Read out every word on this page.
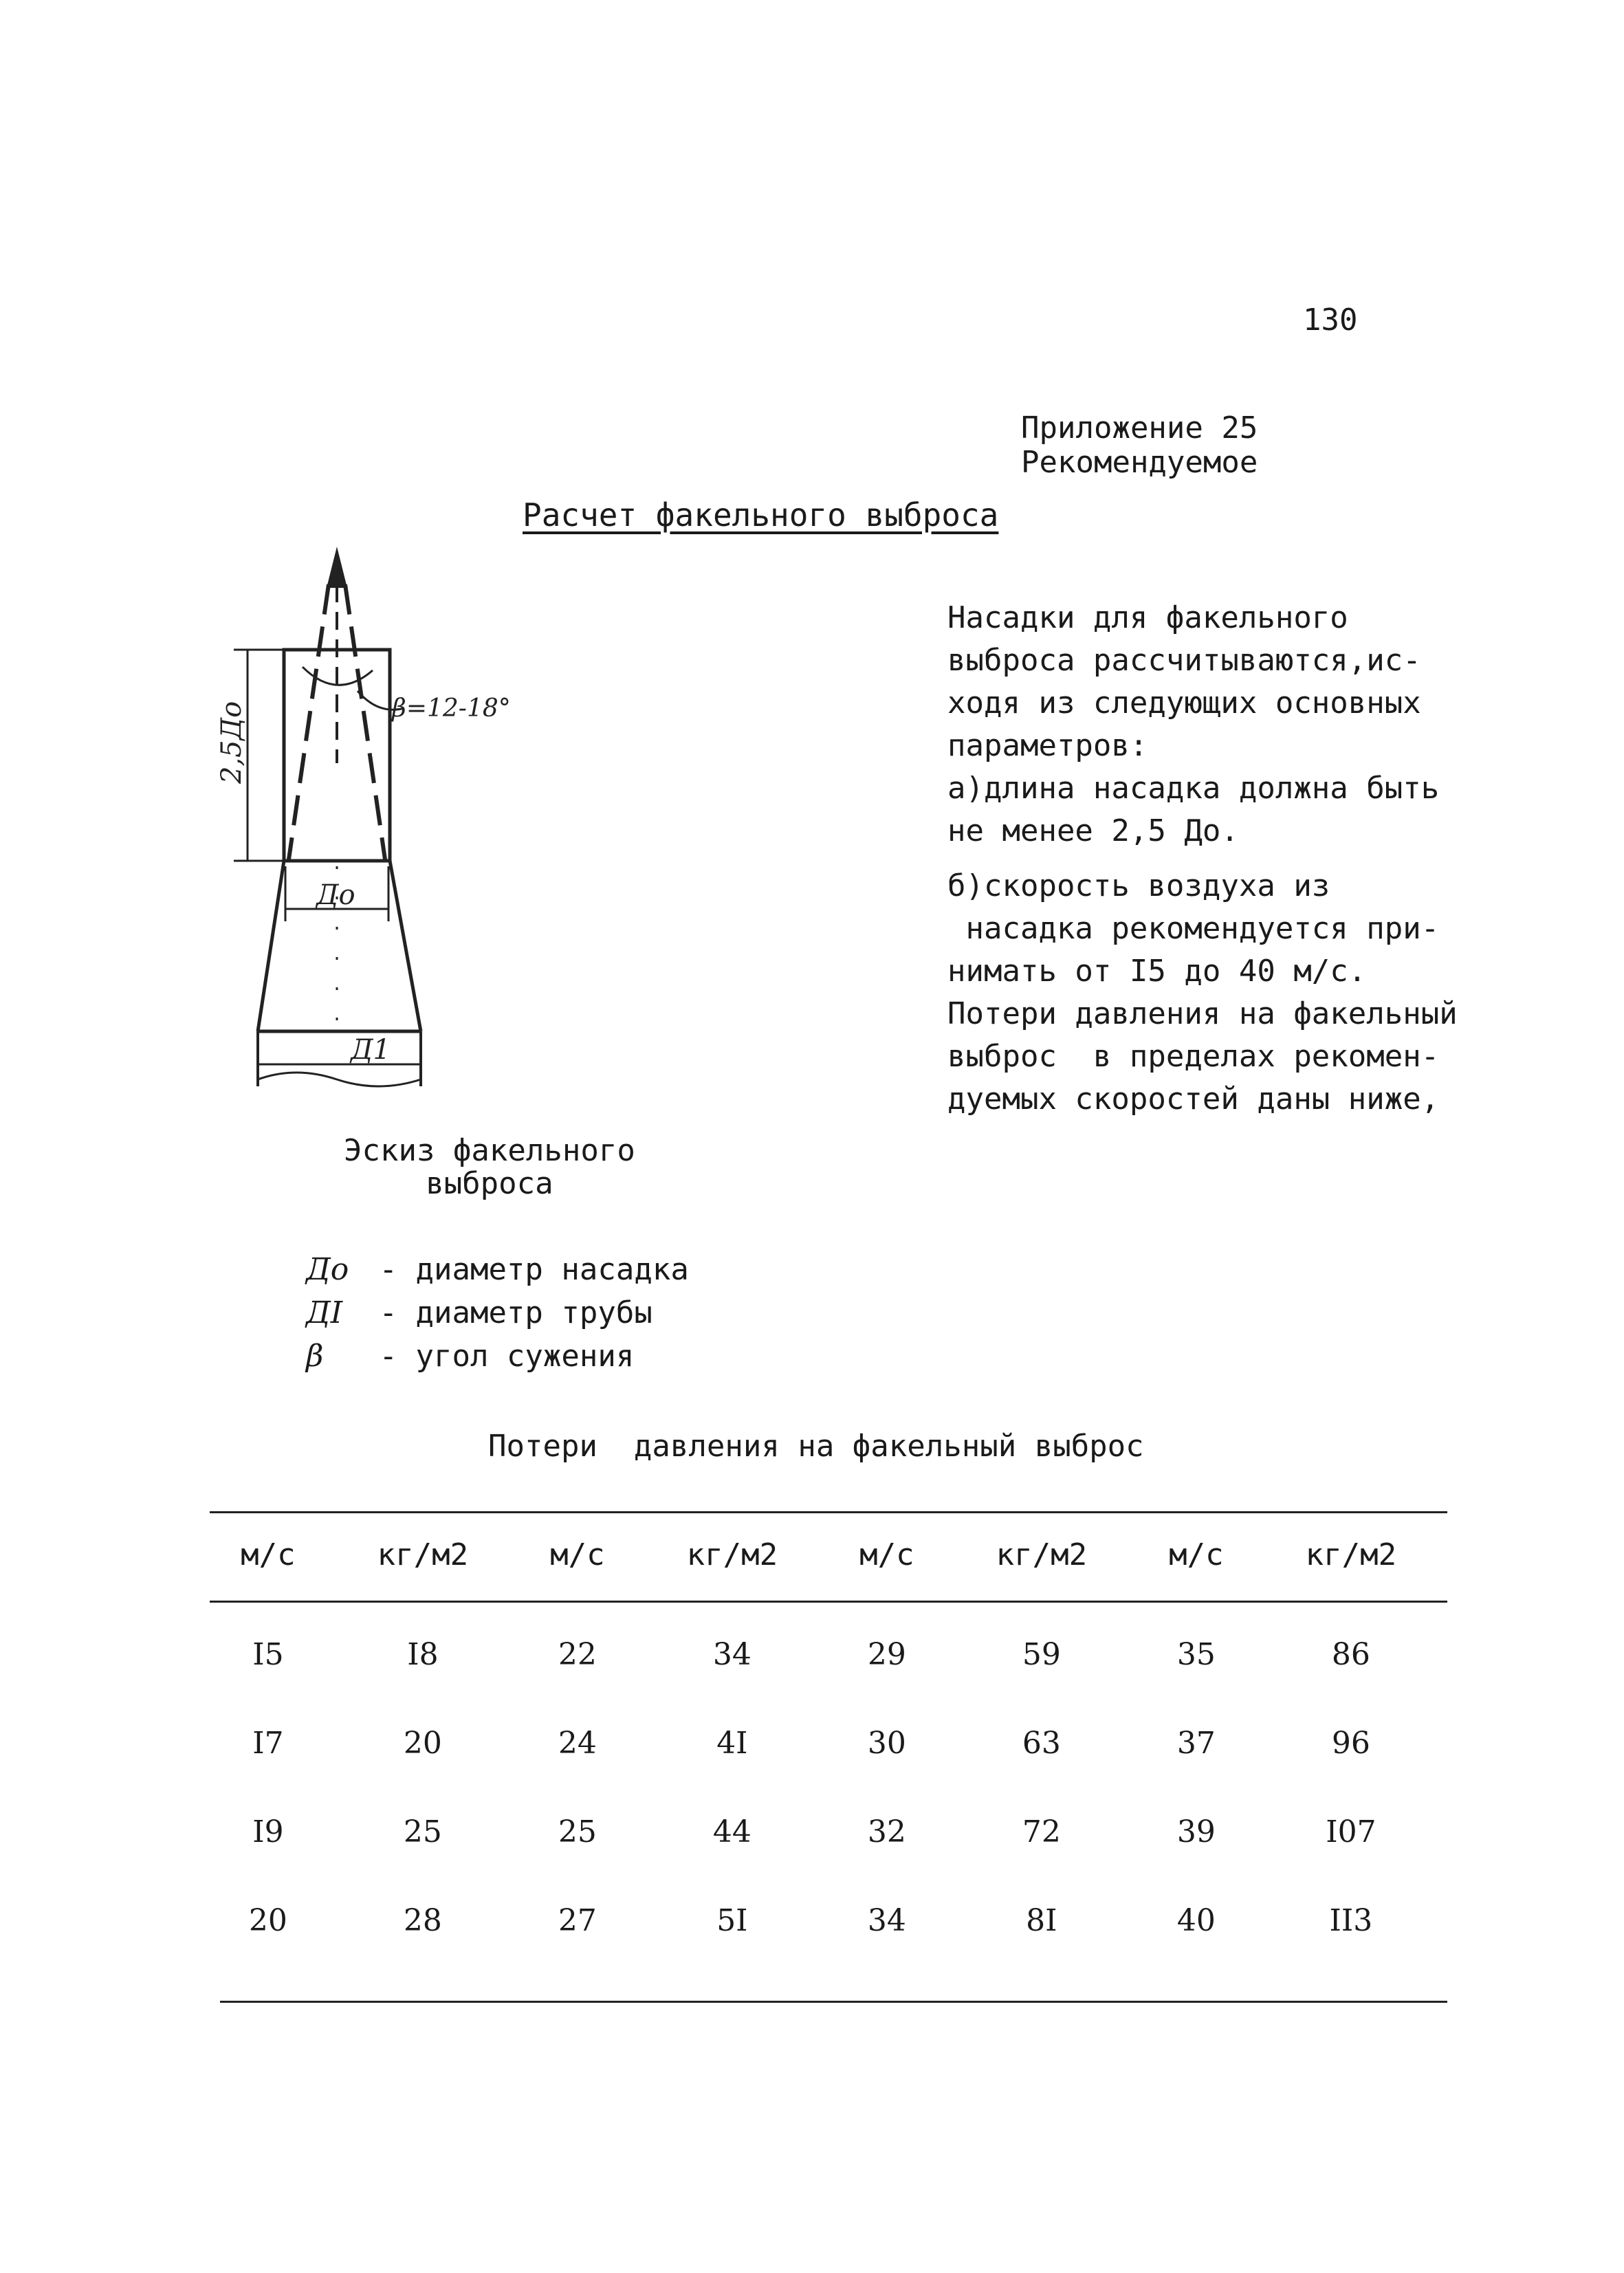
130
Приложение 25
Рекомендуемое
Расчет факельного выброса
2,5Дo	β=12-18°
Дo
Д1
Насадки для факельного
выброса рассчитываются,ис-
ходя из следующих основных
параметров:
а)длина насадка должна быть
не менее 2,5 До.
б)скорость воздуха из
насадка рекомендуется при-
нимать от I5 до 40 м/с.
Потери давления на факельный
выброс  в пределах рекомен-
дуемых скоростей даны ниже,
Эскиз факельного
выброса
До - диаметр насадка
ДI - диаметр трубы
β - угол сужения
Потери  давления на факельный выброс
м/с	кг/м2	м/с	кг/м2	м/с	кг/м2	м/с	кг/м2

I5	I8	22	34	29	59	35	86
I7	20	24	4I	30	63	37	96
I9	25	25	44	32	72	39	I07
20	28	27	5I	34	8I	40	II3
